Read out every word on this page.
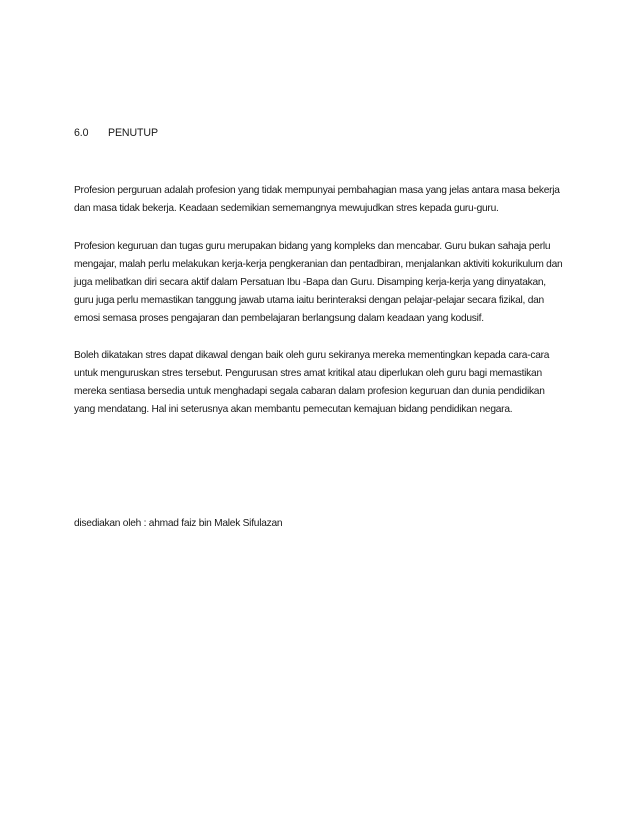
6.0 PENUTUP

Profesion perguruan adalah profesion yang tidak mempunyai pembahagian masa yang jelas antara masa bekerja dan masa tidak bekerja. Keadaan sedemikian sememangnya mewujudkan stres kepada guru-guru.

Profesion keguruan dan tugas guru merupakan bidang yang kompleks dan mencabar. Guru bukan sahaja perlu mengajar, malah perlu melakukan kerja-kerja pengkeranian dan pentadbiran, menjalankan aktiviti kokurikulum dan juga melibatkan diri secara aktif dalam Persatuan Ibu -Bapa dan Guru. Disamping kerja-kerja yang dinyatakan, guru juga perlu memastikan tanggung jawab utama iaitu berinteraksi dengan pelajar-pelajar secara fizikal, dan emosi semasa proses pengajaran dan pembelajaran berlangsung dalam keadaan yang kodusif.

Boleh dikatakan stres dapat dikawal dengan baik oleh guru sekiranya mereka mementingkan kepada cara-cara untuk menguruskan stres tersebut. Pengurusan stres amat kritikal atau diperlukan oleh guru bagi memastikan mereka sentiasa bersedia untuk menghadapi segala cabaran dalam profesion keguruan dan dunia pendidikan yang mendatang. Hal ini seterusnya akan membantu pemecutan kemajuan bidang pendidikan negara.

disediakan oleh : ahmad faiz bin Malek Sifulazan
